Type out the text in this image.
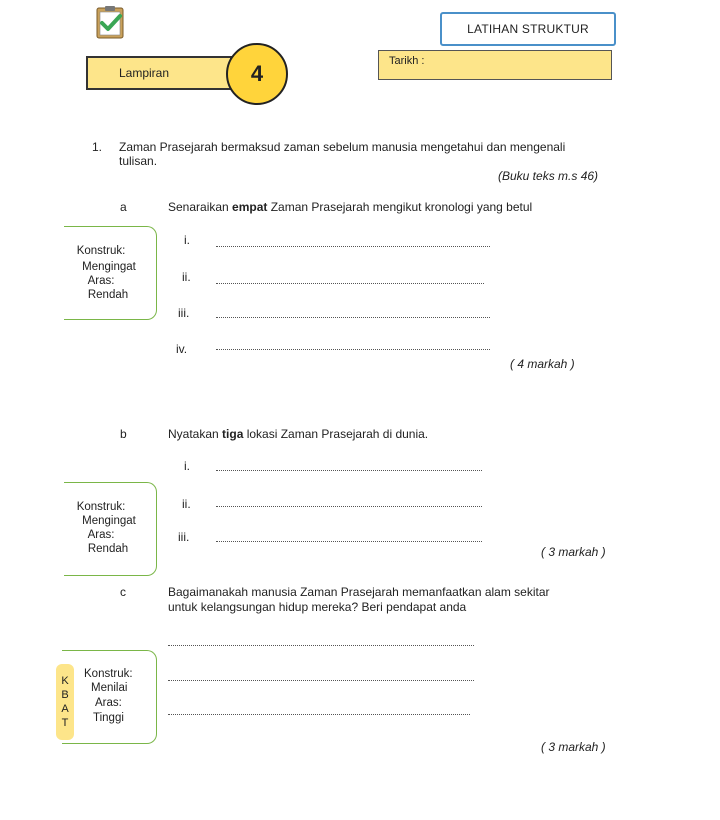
LATIHAN STRUKTUR
Lampiran	4	Tarikh :
1. Zaman Prasejarah bermaksud zaman sebelum manusia mengetahui dan mengenali
tulisan.
(Buku teks m.s 46)
a	Senaraikan empat Zaman Prasejarah mengikut kronologi yang betul
Konstruk:
Mengingat
Aras:
Rendah
i.
ii.
iii.
iv.
( 4 markah )
b	Nyatakan tiga lokasi Zaman Prasejarah di dunia.
i.
ii.
iii.
Konstruk:
Mengingat
Aras:
Rendah	( 3 markah )
c	Bagaimanakah manusia Zaman Prasejarah memanfaatkan alam sekitar
untuk kelangsungan hidup mereka? Beri pendapat anda
K
B
A
T
Konstruk:
Menilai
Aras:
Tinggi
( 3 markah )
